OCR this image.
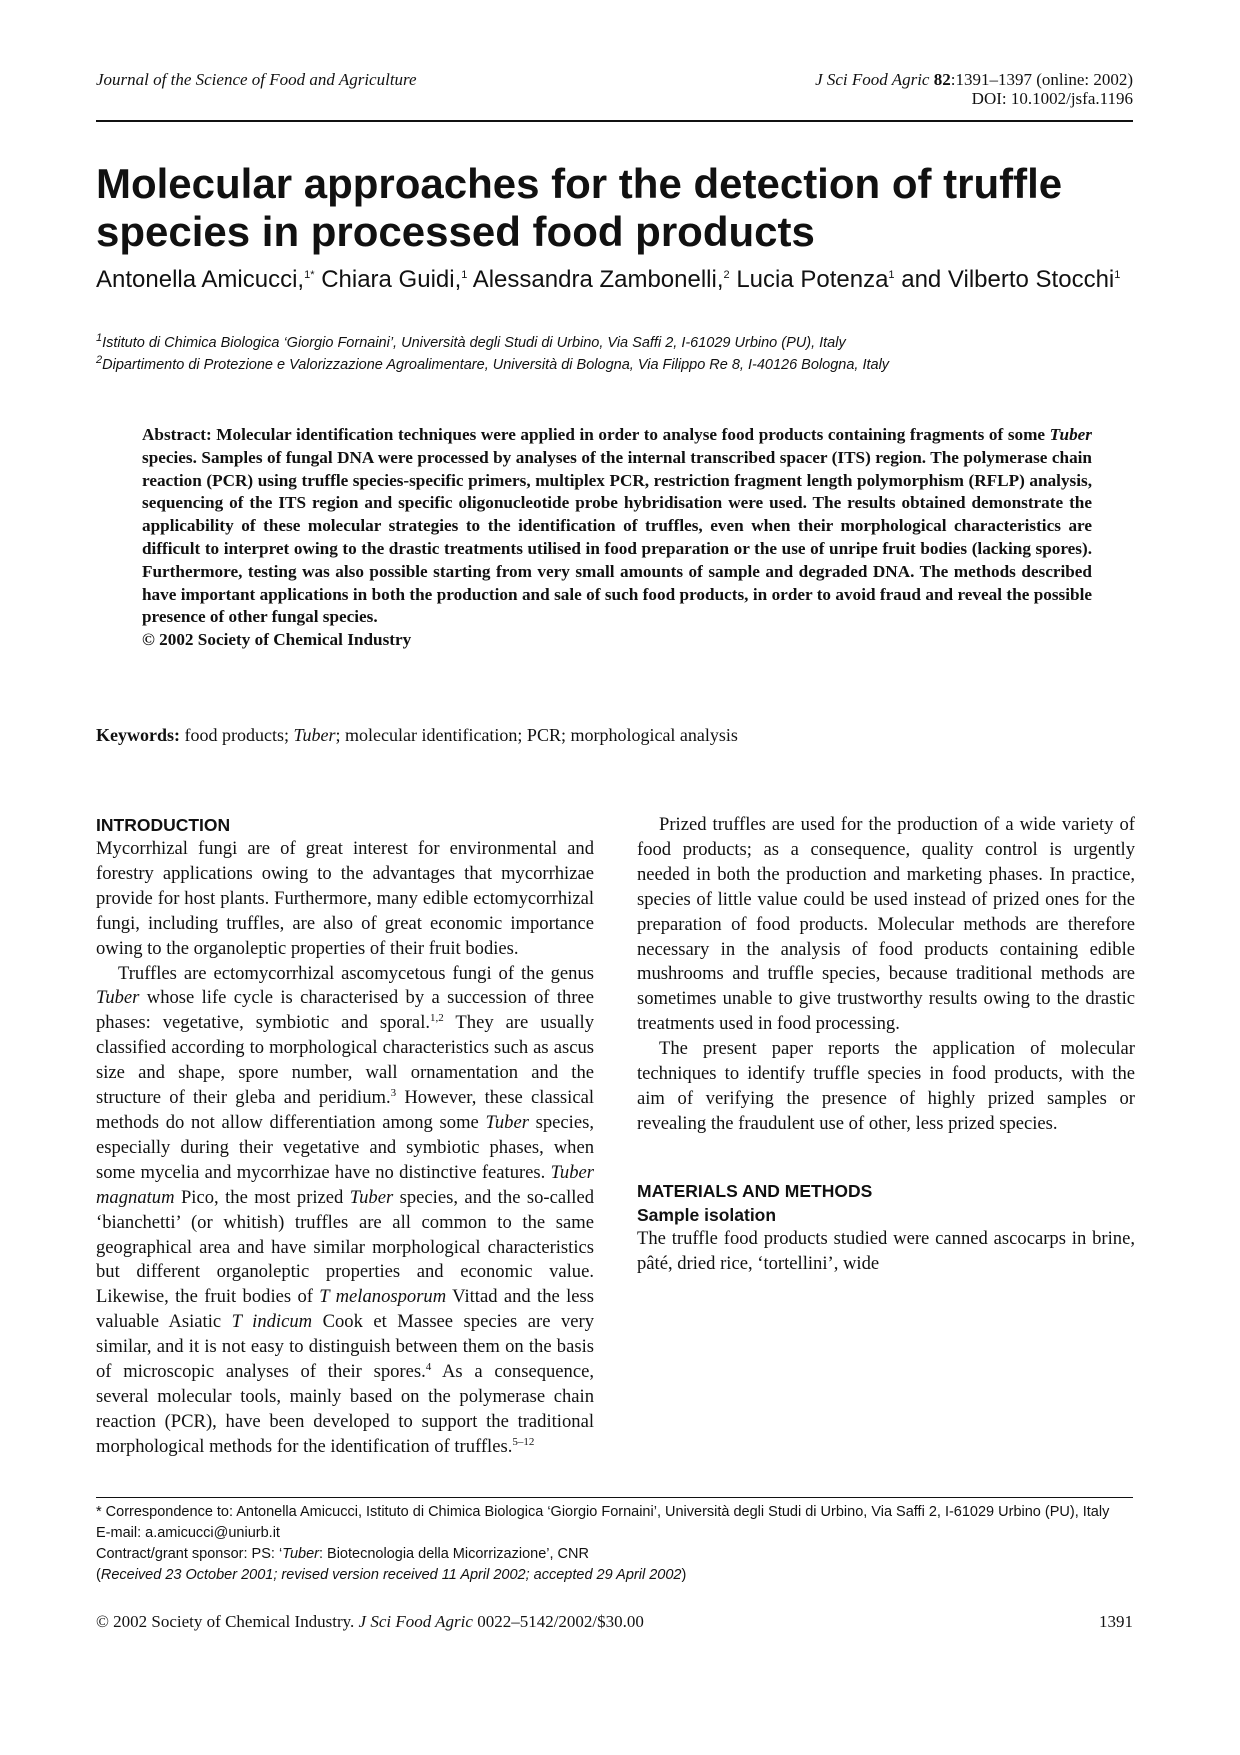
Journal of the Science of Food and Agriculture	J Sci Food Agric 82:1391–1397 (online: 2002)
DOI: 10.1002/jsfa.1196
Molecular approaches for the detection of truffle species in processed food products
Antonella Amicucci,$^{1*}$ Chiara Guidi,$^1$ Alessandra Zambonelli,$^2$ Lucia Potenza$^1$ and Vilberto Stocchi$^1$
$^1$Istituto di Chimica Biologica ‘Giorgio Fornaini’, Università degli Studi di Urbino, Via Saffi 2, I-61029 Urbino (PU), Italy
$^2$Dipartimento di Protezione e Valorizzazione Agroalimentare, Università di Bologna, Via Filippo Re 8, I-40126 Bologna, Italy
Abstract: Molecular identification techniques were applied in order to analyse food products containing fragments of some Tuber species. Samples of fungal DNA were processed by analyses of the internal transcribed spacer (ITS) region. The polymerase chain reaction (PCR) using truffle species-specific primers, multiplex PCR, restriction fragment length polymorphism (RFLP) analysis, sequencing of the ITS region and specific oligonucleotide probe hybridisation were used. The results obtained demonstrate the applicability of these molecular strategies to the identification of truffles, even when their morphological characteristics are difficult to interpret owing to the drastic treatments utilised in food preparation or the use of unripe fruit bodies (lacking spores). Furthermore, testing was also possible starting from very small amounts of sample and degraded DNA. The methods described have important applications in both the production and sale of such food products, in order to avoid fraud and reveal the possible presence of other fungal species.
© 2002 Society of Chemical Industry
Keywords: food products; Tuber; molecular identification; PCR; morphological analysis
INTRODUCTION

Mycorrhizal fungi are of great interest for environmental and forestry applications owing to the advantages that mycorrhizae provide for host plants. Furthermore, many edible ectomycorrhizal fungi, including truffles, are also of great economic importance owing to the organoleptic properties of their fruit bodies.

Truffles are ectomycorrhizal ascomycetous fungi of the genus Tuber whose life cycle is characterised by a succession of three phases: vegetative, symbiotic and sporal.$^{1,2}$ They are usually classified according to morphological characteristics such as ascus size and shape, spore number, wall ornamentation and the structure of their gleba and peridium.$^3$ However, these classical methods do not allow differentiation among some Tuber species, especially during their vegetative and symbiotic phases, when some mycelia and mycorrhizae have no distinctive features. Tuber magnatum Pico, the most prized Tuber species, and the so-called ‘bianchetti’ (or whitish) truffles are all common to the same geographical area and have similar morphological characteristics but different organoleptic properties and economic value. Likewise, the fruit bodies of T melanosporum Vittad and the less valuable Asiatic T indicum Cook et Massee species are very similar, and it is not easy to distinguish between them on the basis of microscopic analyses of their spores.$^4$ As a consequence, several molecular tools, mainly based on the polymerase chain reaction (PCR), have been developed to support the traditional morphological methods for the identification of truffles.$^{5-12}$

Prized truffles are used for the production of a wide variety of food products; as a consequence, quality control is urgently needed in both the production and marketing phases. In practice, species of little value could be used instead of prized ones for the preparation of food products. Molecular methods are therefore necessary in the analysis of food products containing edible mushrooms and truffle species, because traditional methods are sometimes unable to give trustworthy results owing to the drastic treatments used in food processing.

The present paper reports the application of molecular techniques to identify truffle species in food products, with the aim of verifying the presence of highly prized samples or revealing the fraudulent use of other, less prized species.

MATERIALS AND METHODS
Sample isolation

The truffle food products studied were canned ascocarps in brine, pâté, dried rice, ‘tortellini’, wide

* Correspondence to: Antonella Amicucci, Istituto di Chimica Biologica ‘Giorgio Fornaini’, Università degli Studi di Urbino, Via Saffi 2, I-61029 Urbino (PU), Italy
E-mail: a.amicucci@uniurb.it
Contract/grant sponsor: PS: ‘Tuber: Biotecnologia della Micorrizazione’, CNR
(Received 23 October 2001; revised version received 11 April 2002; accepted 29 April 2002)
© 2002 Society of Chemical Industry. J Sci Food Agric 0022–5142/2002/$30.00	1391
